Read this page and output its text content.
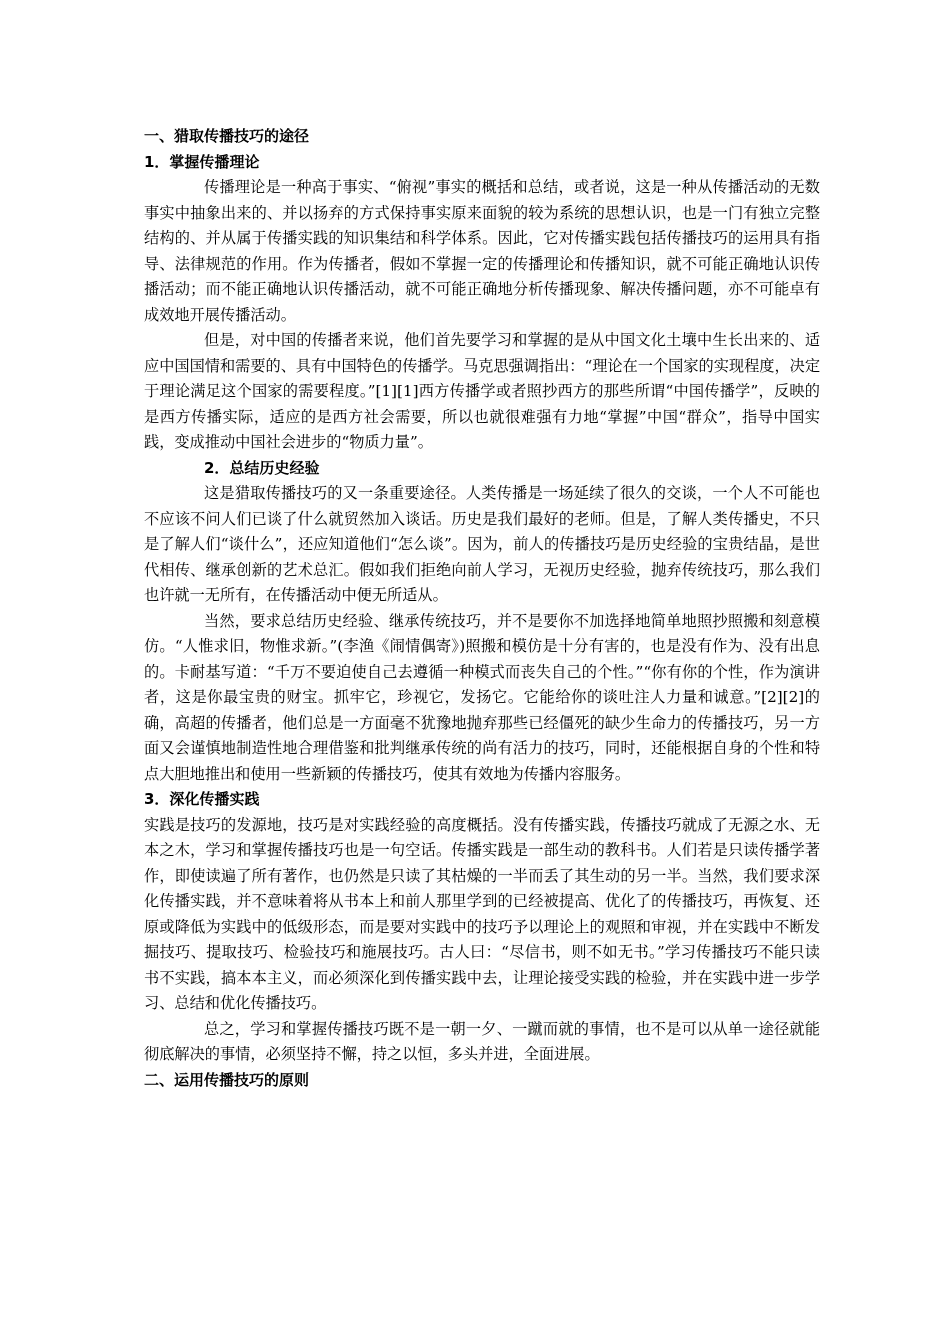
一、猎取传播技巧的途径
1．掌握传播理论

传播理论是一种高于事实、“俯视”事实的概括和总结，或者说，这是一种从传播活动的无数事实中抽象出来的、并以扬弃的方式保持事实原来面貌的较为系统的思想认识，也是一门有独立完整结构的、并从属于传播实践的知识集结和科学体系。因此，它对传播实践包括传播技巧的运用具有指导、法律规范的作用。作为传播者，假如不掌握一定的传播理论和传播知识，就不可能正确地认识传播活动；而不能正确地认识传播活动，就不可能正确地分析传播现象、解决传播问题，亦不可能卓有成效地开展传播活动。

但是，对中国的传播者来说，他们首先要学习和掌握的是从中国文化土壤中生长出来的、适应中国国情和需要的、具有中国特色的传播学。马克思强调指出：“理论在一个国家的实现程度，决定于理论满足这个国家的需要程度。”[1][1]西方传播学或者照抄西方的那些所谓“中国传播学”，反映的是西方传播实际，适应的是西方社会需要，所以也就很难强有力地“掌握”中国“群众”，指导中国实践，变成推动中国社会进步的“物质力量”。

2．总结历史经验

这是猎取传播技巧的又一条重要途径。人类传播是一场延续了很久的交谈，一个人不可能也不应该不问人们已谈了什么就贸然加入谈话。历史是我们最好的老师。但是，了解人类传播史，不只是了解人们“谈什么”，还应知道他们“怎么谈”。因为，前人的传播技巧是历史经验的宝贵结晶，是世代相传、继承创新的艺术总汇。假如我们拒绝向前人学习，无视历史经验，抛弃传统技巧，那么我们也许就一无所有，在传播活动中便无所适从。

当然，要求总结历史经验、继承传统技巧，并不是要你不加选择地简单地照抄照搬和刻意模仿。“人惟求旧，物惟求新。”(李渔《闹情偶寄》)照搬和模仿是十分有害的，也是没有作为、没有出息的。卡耐基写道：“千万不要迫使自己去遵循一种模式而丧失自己的个性。”“你有你的个性，作为演讲者，这是你最宝贵的财宝。抓牢它，珍视它，发扬它。它能给你的谈吐注人力量和诚意。”[2][2]的确，高超的传播者，他们总是一方面毫不犹豫地抛弃那些已经僵死的缺少生命力的传播技巧，另一方面又会谨慎地制造性地合理借鉴和批判继承传统的尚有活力的技巧，同时，还能根据自身的个性和特点大胆地推出和使用一些新颖的传播技巧，使其有效地为传播内容服务。

3．深化传播实践

实践是技巧的发源地，技巧是对实践经验的高度概括。没有传播实践，传播技巧就成了无源之水、无本之木，学习和掌握传播技巧也是一句空话。传播实践是一部生动的教科书。人们若是只读传播学著作，即使读遍了所有著作，也仍然是只读了其枯燥的一半而丢了其生动的另一半。当然，我们要求深化传播实践，并不意味着将从书本上和前人那里学到的已经被提高、优化了的传播技巧，再恢复、还原或降低为实践中的低级形态，而是要对实践中的技巧予以理论上的观照和审视，并在实践中不断发掘技巧、提取技巧、检验技巧和施展技巧。古人曰：“尽信书，则不如无书。”学习传播技巧不能只读书不实践，搞本本主义，而必须深化到传播实践中去，让理论接受实践的检验，并在实践中进一步学习、总结和优化传播技巧。

总之，学习和掌握传播技巧既不是一朝一夕、一蹴而就的事情，也不是可以从单一途径就能彻底解决的事情，必须坚持不懈，持之以恒，多头并进，全面进展。

二、运用传播技巧的原则
